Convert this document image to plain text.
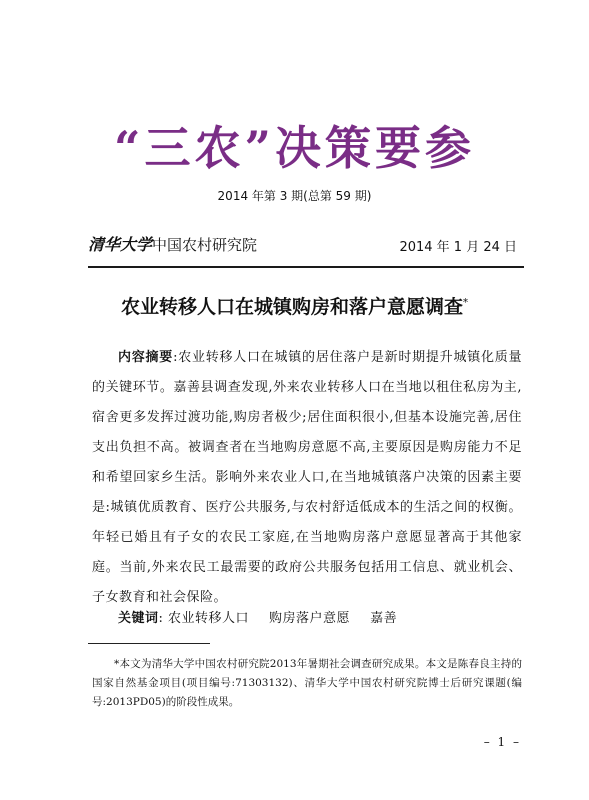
“三农”决策要参
2014 年第 3 期(总第 59 期)
清华大学中国农村研究院	2014 年 1 月 24 日
农业转移人口在城镇购房和落户意愿调查*

内容摘要:农业转移人口在城镇的居住落户是新时期提升城镇化质量的关键环节。嘉善县调查发现,外来农业转移人口在当地以租住私房为主,宿舍更多发挥过渡功能,购房者极少;居住面积很小,但基本设施完善,居住支出负担不高。被调查者在当地购房意愿不高,主要原因是购房能力不足和希望回家乡生活。影响外来农业人口,在当地城镇落户决策的因素主要是:城镇优质教育、医疗公共服务,与农村舒适低成本的生活之间的权衡。年轻已婚且有子女的农民工家庭,在当地购房落户意愿显著高于其他家庭。当前,外来农民工最需要的政府公共服务包括用工信息、就业机会、子女教育和社会保险。

关键词: 农业转移人口 购房落户意愿 嘉善
*本文为清华大学中国农村研究院2013年暑期社会调查研究成果。本文是陈春良主持的国家自然基金项目(项目编号:71303132)、清华大学中国农村研究院博士后研究课题(编号:2013PD05)的阶段性成果。
– 1 –
